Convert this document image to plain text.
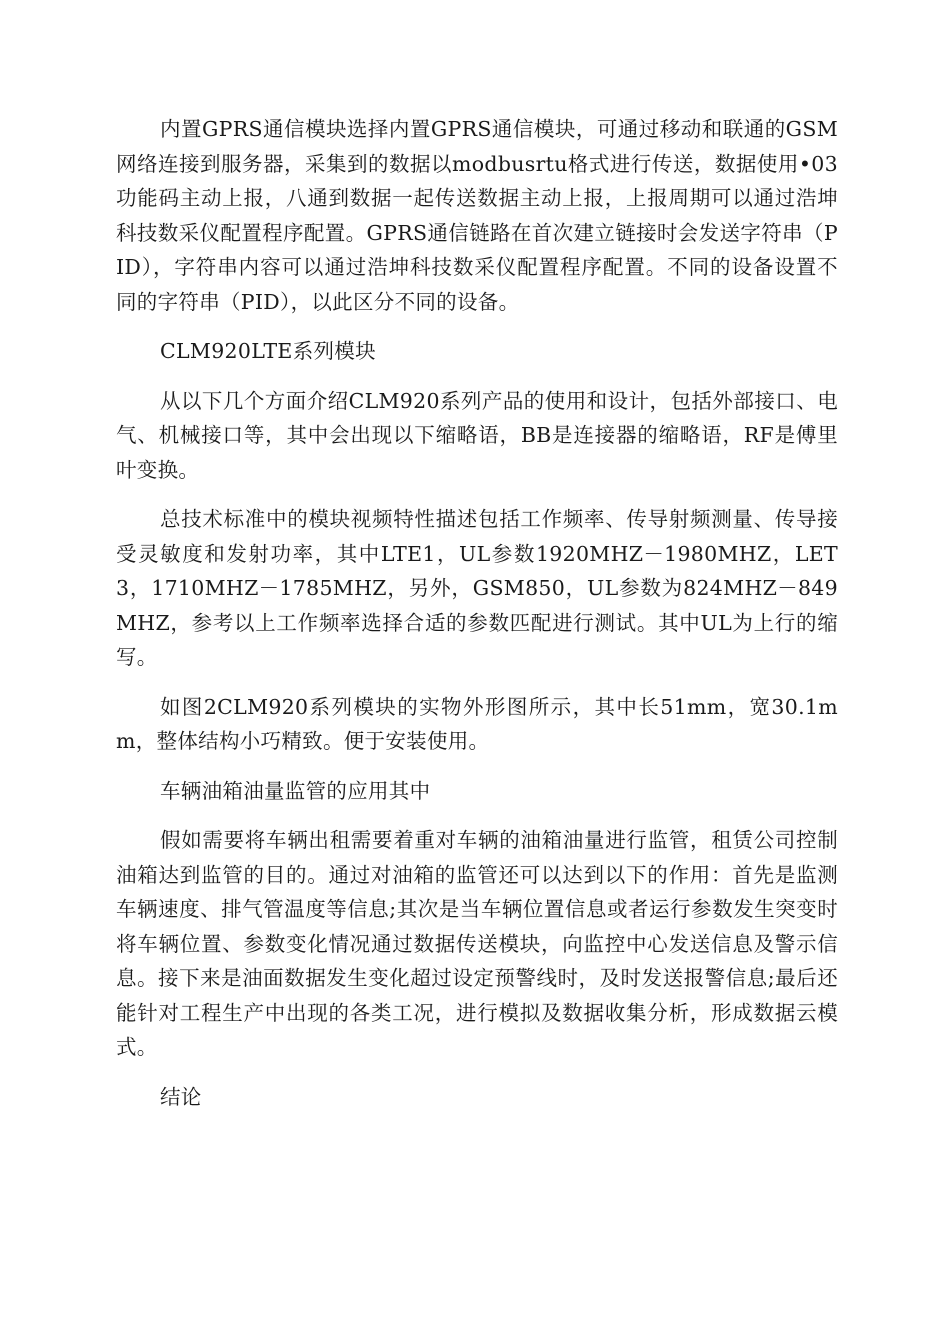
内置GPRS通信模块选择内置GPRS通信模块，可通过移动和联通的GSM网络连接到服务器，采集到的数据以modbusrtu格式进行传送，数据使用•03功能码主动上报，八通到数据一起传送数据主动上报，上报周期可以通过浩坤科技数采仪配置程序配置。GPRS通信链路在首次建立链接时会发送字符串（PID），字符串内容可以通过浩坤科技数采仪配置程序配置。不同的设备设置不同的字符串（PID），以此区分不同的设备。

CLM920LTE系列模块

从以下几个方面介绍CLM920系列产品的使用和设计，包括外部接口、电气、机械接口等，其中会出现以下缩略语，BB是连接器的缩略语，RF是傅里叶变换。

总技术标准中的模块视频特性描述包括工作频率、传导射频测量、传导接受灵敏度和发射功率，其中LTE1，UL参数1920MHZ－1980MHZ，LET3，1710MHZ－1785MHZ，另外，GSM850，UL参数为824MHZ－849MHZ，参考以上工作频率选择合适的参数匹配进行测试。其中UL为上行的缩写。

如图2CLM920系列模块的实物外形图所示，其中长51mm，宽30.1mm，整体结构小巧精致。便于安装使用。

车辆油箱油量监管的应用其中

假如需要将车辆出租需要着重对车辆的油箱油量进行监管，租赁公司控制油箱达到监管的目的。通过对油箱的监管还可以达到以下的作用：首先是监测车辆速度、排气管温度等信息;其次是当车辆位置信息或者运行参数发生突变时将车辆位置、参数变化情况通过数据传送模块，向监控中心发送信息及警示信息。接下来是油面数据发生变化超过设定预警线时，及时发送报警信息;最后还能针对工程生产中出现的各类工况，进行模拟及数据收集分析，形成数据云模式。

结论
